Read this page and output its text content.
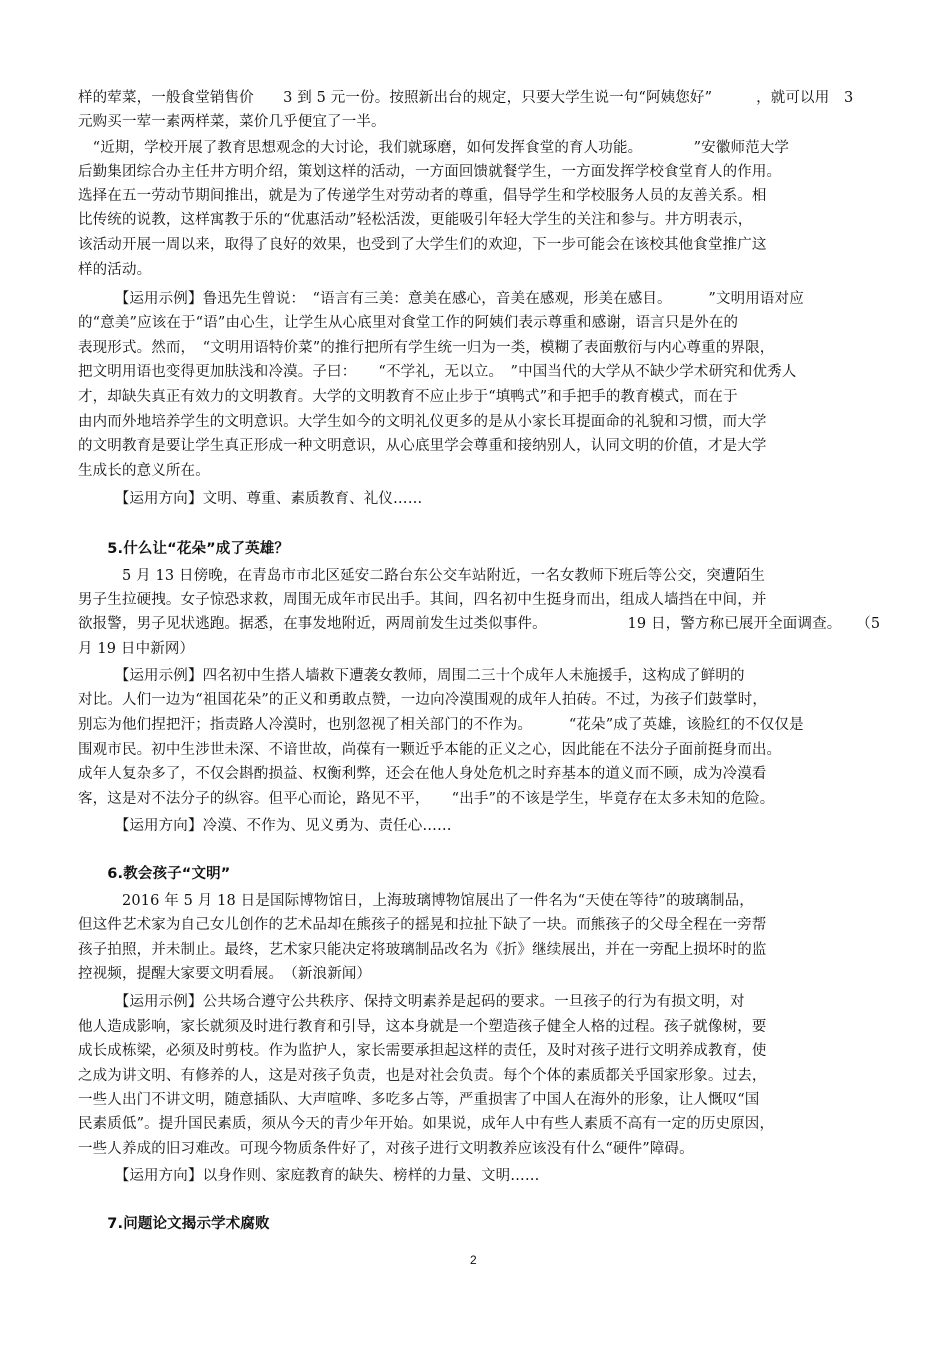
样的荤菜，一般食堂销售价　　3 到 5 元一份。按照新出台的规定，只要大学生说一句“阿姨您好”　　　，就可以用　3
元购买一荤一素两样菜，菜价几乎便宜了一半。
　“近期，学校开展了教育思想观念的大讨论，我们就琢磨，如何发挥食堂的育人功能。　　　　”安徽师范大学
后勤集团综合办主任井方明介绍，策划这样的活动，一方面回馈就餐学生，一方面发挥学校食堂育人的作用。
选择在五一劳动节期间推出，就是为了传递学生对劳动者的尊重，倡导学生和学校服务人员的友善关系。相
比传统的说教，这样寓教于乐的“优惠活动”轻松活泼，更能吸引年轻大学生的关注和参与。井方明表示，
该活动开展一周以来，取得了良好的效果，也受到了大学生们的欢迎，下一步可能会在该校其他食堂推广这
样的活动。
　　　【运用示例】鲁迅先生曾说：　“语言有三美：意美在感心，音美在感观，形美在感目。　　　”文明用语对应
的“意美”应该在于“语”由心生，让学生从心底里对食堂工作的阿姨们表示尊重和感谢，语言只是外在的
表现形式。然而，　“文明用语特价菜”的推行把所有学生统一归为一类，模糊了表面敷衍与内心尊重的界限，
把文明用语也变得更加肤浅和冷漠。子曰：　　“不学礼，无以立。　”中国当代的大学从不缺少学术研究和优秀人
才，却缺失真正有效力的文明教育。大学的文明教育不应止步于“填鸭式”和手把手的教育模式，而在于
由内而外地培养学生的文明意识。大学生如今的文明礼仪更多的是从小家长耳提面命的礼貌和习惯，而大学
的文明教育是要让学生真正形成一种文明意识，从心底里学会尊重和接纳别人，认同文明的价值，才是大学
生成长的意义所在。
　　　【运用方向】文明、尊重、素质教育、礼仪……
　　5.什么让“花朵”成了英雄？
　　　5 月 13 日傍晚，在青岛市市北区延安二路台东公交车站附近，一名女教师下班后等公交，突遭陌生
男子生拉硬拽。女子惊恐求救，周围无成年市民出手。其间，四名初中生挺身而出，组成人墙挡在中间，并
欲报警，男子见状逃跑。据悉，在事发地附近，两周前发生过类似事件。　　　　　　19 日，警方称已展开全面调查。　　（5
月 19 日中新网）
　　　【运用示例】四名初中生搭人墙救下遭袭女教师，周围二三十个成年人未施援手，这构成了鲜明的
对比。人们一边为“祖国花朵”的正义和勇敢点赞，一边向冷漠围观的成年人拍砖。不过，为孩子们鼓掌时，
别忘为他们捏把汗；指责路人冷漠时，也别忽视了相关部门的不作为。　　　“花朵”成了英雄，该脸红的不仅仅是
围观市民。初中生涉世未深、不谙世故，尚葆有一颗近乎本能的正义之心，因此能在不法分子面前挺身而出。
成年人复杂多了，不仅会斟酌损益、权衡利弊，还会在他人身处危机之时弃基本的道义而不顾，成为冷漠看
客，这是对不法分子的纵容。但平心而论，路见不平，　　“出手”的不该是学生，毕竟存在太多未知的危险。
　　　【运用方向】冷漠、不作为、见义勇为、责任心……
　　6.教会孩子“文明”
　　　2016 年 5 月 18 日是国际博物馆日，上海玻璃博物馆展出了一件名为“天使在等待”的玻璃制品，
但这件艺术家为自己女儿创作的艺术品却在熊孩子的摇晃和拉扯下缺了一块。而熊孩子的父母全程在一旁帮
孩子拍照，并未制止。最终，艺术家只能决定将玻璃制品改名为《折》继续展出，并在一旁配上损坏时的监
控视频，提醒大家要文明看展。　（新浪新闻）
　　　【运用示例】公共场合遵守公共秩序、保持文明素养是起码的要求。一旦孩子的行为有损文明，对
他人造成影响，家长就须及时进行教育和引导，这本身就是一个塑造孩子健全人格的过程。孩子就像树，要
成长成栋梁，必须及时剪枝。作为监护人，家长需要承担起这样的责任，及时对孩子进行文明养成教育，使
之成为讲文明、有修养的人，这是对孩子负责，也是对社会负责。每个个体的素质都关乎国家形象。过去，
一些人出门不讲文明，随意插队、大声喧哗、多吃多占等，严重损害了中国人在海外的形象，让人慨叹“国
民素质低”。提升国民素质，须从今天的青少年开始。如果说，成年人中有些人素质不高有一定的历史原因，
一些人养成的旧习难改。可现今物质条件好了，对孩子进行文明教养应该没有什么“硬件”障碍。
　　　【运用方向】以身作则、家庭教育的缺失、榜样的力量、文明……
　　7.问题论文揭示学术腐败
2
